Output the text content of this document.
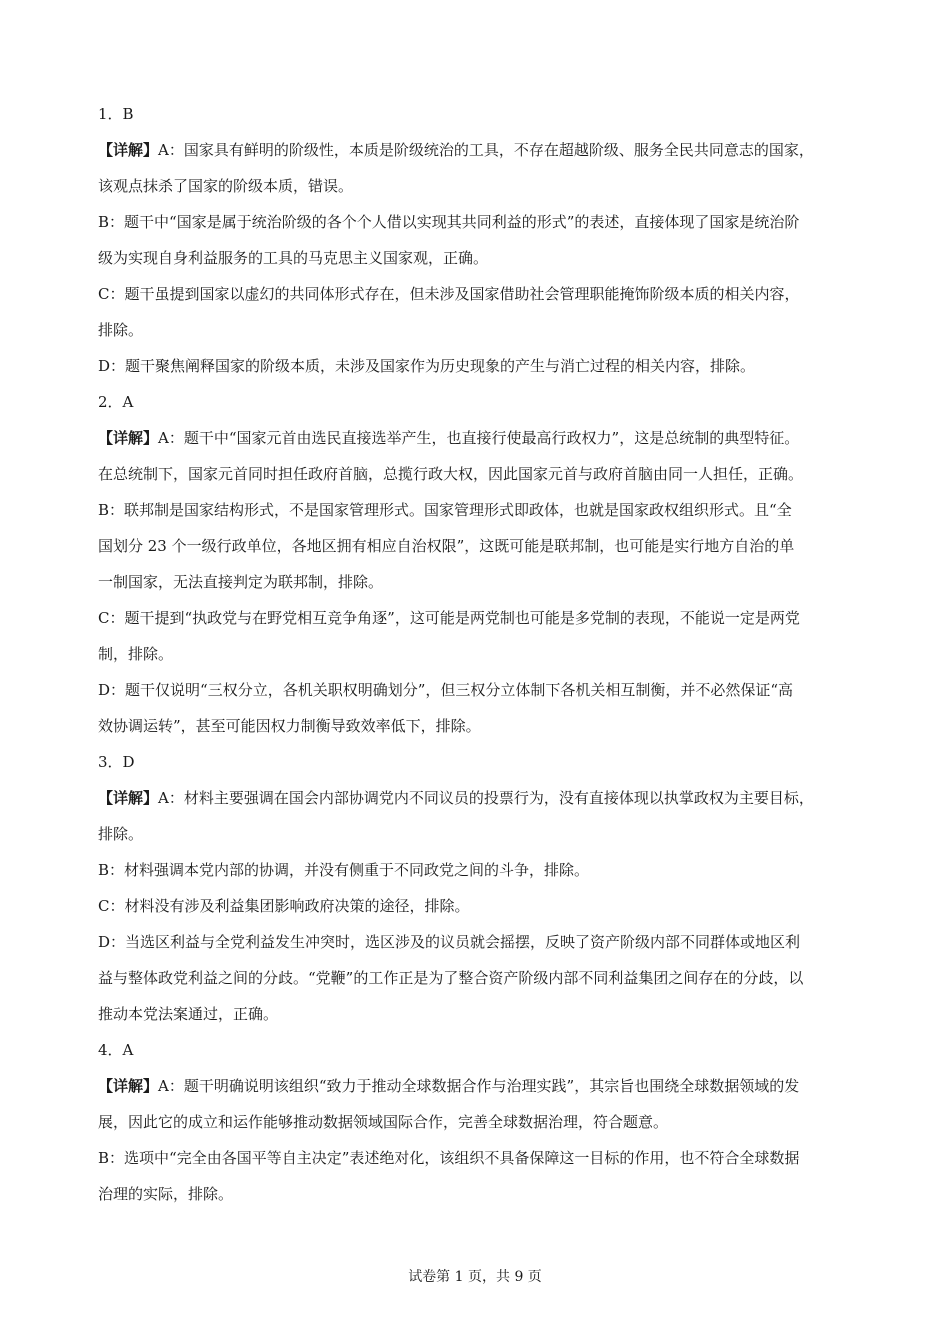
1．B
【详解】A：国家具有鲜明的阶级性，本质是阶级统治的工具，不存在超越阶级、服务全民共同意志的国家，
该观点抹杀了国家的阶级本质，错误。
B：题干中“国家是属于统治阶级的各个个人借以实现其共同利益的形式”的表述，直接体现了国家是统治阶
级为实现自身利益服务的工具的马克思主义国家观，正确。
C：题干虽提到国家以虚幻的共同体形式存在，但未涉及国家借助社会管理职能掩饰阶级本质的相关内容，
排除。
D：题干聚焦阐释国家的阶级本质，未涉及国家作为历史现象的产生与消亡过程的相关内容，排除。
2．A
【详解】A：题干中“国家元首由选民直接选举产生，也直接行使最高行政权力”，这是总统制的典型特征。
在总统制下，国家元首同时担任政府首脑，总揽行政大权，因此国家元首与政府首脑由同一人担任，正确。
B：联邦制是国家结构形式，不是国家管理形式。国家管理形式即政体，也就是国家政权组织形式。且“全
国划分 23 个一级行政单位，各地区拥有相应自治权限”，这既可能是联邦制，也可能是实行地方自治的单
一制国家，无法直接判定为联邦制，排除。
C：题干提到“执政党与在野党相互竞争角逐”，这可能是两党制也可能是多党制的表现，不能说一定是两党
制，排除。
D：题干仅说明“三权分立，各机关职权明确划分”，但三权分立体制下各机关相互制衡，并不必然保证“高
效协调运转”，甚至可能因权力制衡导致效率低下，排除。
3．D
【详解】A：材料主要强调在国会内部协调党内不同议员的投票行为，没有直接体现以执掌政权为主要目标，
排除。
B：材料强调本党内部的协调，并没有侧重于不同政党之间的斗争，排除。
C：材料没有涉及利益集团影响政府决策的途径，排除。
D：当选区利益与全党利益发生冲突时，选区涉及的议员就会摇摆，反映了资产阶级内部不同群体或地区利
益与整体政党利益之间的分歧。“党鞭”的工作正是为了整合资产阶级内部不同利益集团之间存在的分歧，以
推动本党法案通过，正确。
4．A
【详解】A：题干明确说明该组织“致力于推动全球数据合作与治理实践”，其宗旨也围绕全球数据领域的发
展，因此它的成立和运作能够推动数据领域国际合作，完善全球数据治理，符合题意。
B：选项中“完全由各国平等自主决定”表述绝对化，该组织不具备保障这一目标的作用，也不符合全球数据
治理的实际，排除。
试卷第 1 页，共 9 页
